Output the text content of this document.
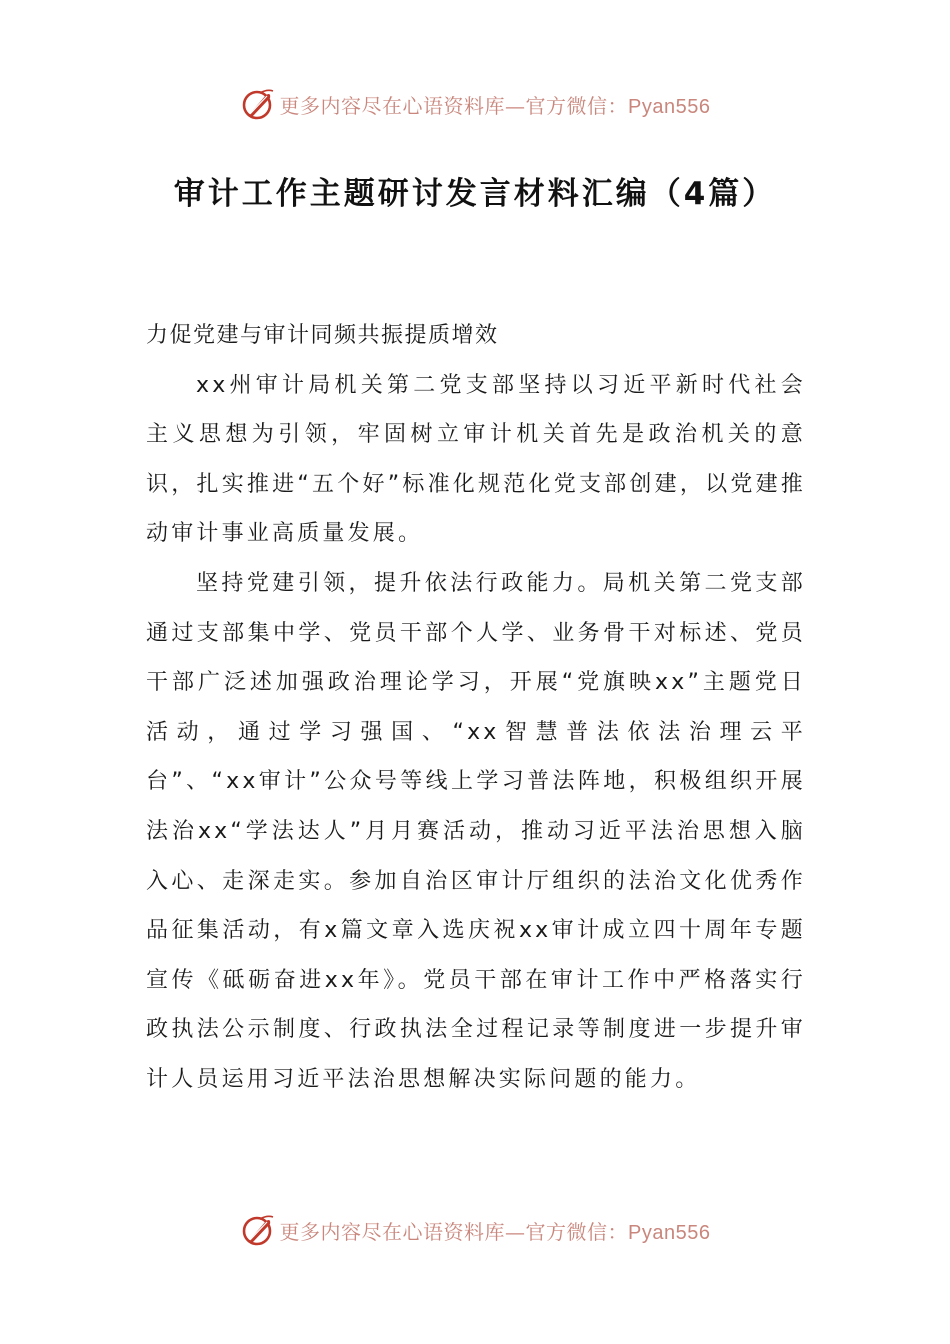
更多内容尽在心语资料库—官方微信：Pyan556
审计工作主题研讨发言材料汇编（4篇）

力促党建与审计同频共振提质增效

xx州审计局机关第二党支部坚持以习近平新时代社会主义思想为引领，牢固树立审计机关首先是政治机关的意识，扎实推进“五个好”标准化规范化党支部创建，以党建推动审计事业高质量发展。

坚持党建引领，提升依法行政能力。局机关第二党支部通过支部集中学、党员干部个人学、业务骨干对标述、党员干部广泛述加强政治理论学习，开展“党旗映xx”主题党日活动，通过学习强国、“xx智慧普法依法治理云平台”、“xx审计”公众号等线上学习普法阵地，积极组织开展法治xx“学法达人”月月赛活动，推动习近平法治思想入脑入心、走深走实。参加自治区审计厅组织的法治文化优秀作品征集活动，有x篇文章入选庆祝xx审计成立四十周年专题宣传《砥砺奋进xx年》。党员干部在审计工作中严格落实行政执法公示制度、行政执法全过程记录等制度进一步提升审计人员运用习近平法治思想解决实际问题的能力。

更多内容尽在心语资料库—官方微信：Pyan556
